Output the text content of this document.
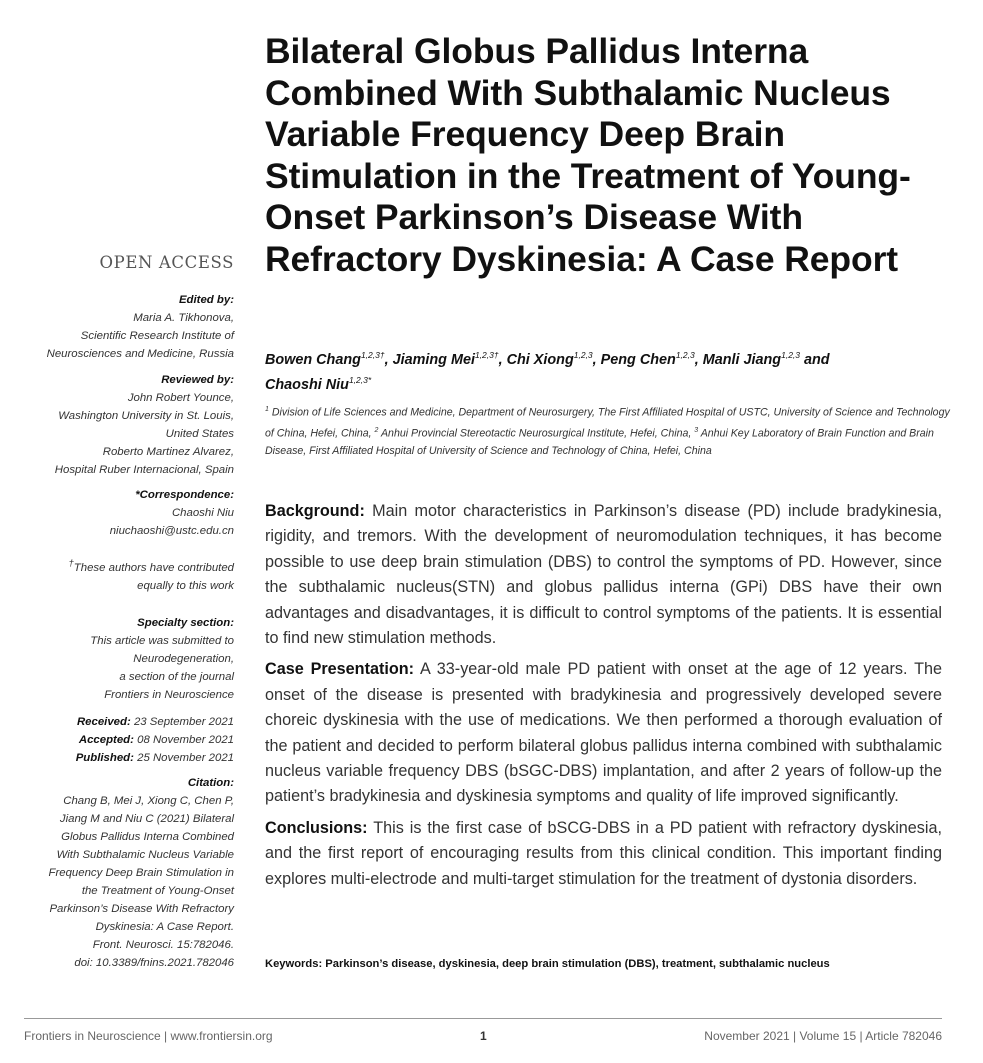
Bilateral Globus Pallidus Interna Combined With Subthalamic Nucleus Variable Frequency Deep Brain Stimulation in the Treatment of Young-Onset Parkinson’s Disease With Refractory Dyskinesia: A Case Report
OPEN ACCESS
Edited by:
Maria A. Tikhonova,
Scientific Research Institute of
Neurosciences and Medicine, Russia
Reviewed by:
John Robert Younce,
Washington University in St. Louis,
United States
Roberto Martinez Alvarez,
Hospital Ruber Internacional, Spain
*Correspondence:
Chaoshi Niu
niuchaoshi@ustc.edu.cn
†These authors have contributed
equally to this work
Specialty section:
This article was submitted to
Neurodegeneration,
a section of the journal
Frontiers in Neuroscience
Received: 23 September 2021
Accepted: 08 November 2021
Published: 25 November 2021
Citation:
Chang B, Mei J, Xiong C, Chen P,
Jiang M and Niu C (2021) Bilateral
Globus Pallidus Interna Combined
With Subthalamic Nucleus Variable
Frequency Deep Brain Stimulation in
the Treatment of Young-Onset
Parkinson’s Disease With Refractory
Dyskinesia: A Case Report.
Front. Neurosci. 15:782046.
doi: 10.3389/fnins.2021.782046
Bowen Chang$^{1,2,3\dagger}$, Jiaming Mei$^{1,2,3\dagger}$, Chi Xiong$^{1,2,3}$, Peng Chen$^{1,2,3}$, Manli Jiang$^{1,2,3}$ and
Chaoshi Niu$^{1,2,3*}$
$^1$ Division of Life Sciences and Medicine, Department of Neurosurgery, The First Affiliated Hospital of USTC, University of Science and Technology of China, Hefei, China, $^2$ Anhui Provincial Stereotactic Neurosurgical Institute, Hefei, China, $^3$ Anhui Key Laboratory of Brain Function and Brain Disease, First Affiliated Hospital of University of Science and Technology of China, Hefei, China

Background: Main motor characteristics in Parkinson’s disease (PD) include bradykinesia, rigidity, and tremors. With the development of neuromodulation techniques, it has become possible to use deep brain stimulation (DBS) to control the symptoms of PD. However, since the subthalamic nucleus(STN) and globus pallidus interna (GPi) DBS have their own advantages and disadvantages, it is difficult to control symptoms of the patients. It is essential to find new stimulation methods.

Case Presentation: A 33-year-old male PD patient with onset at the age of 12 years. The onset of the disease is presented with bradykinesia and progressively developed severe choreic dyskinesia with the use of medications. We then performed a thorough evaluation of the patient and decided to perform bilateral globus pallidus interna combined with subthalamic nucleus variable frequency DBS (bSGC-DBS) implantation, and after 2 years of follow-up the patient’s bradykinesia and dyskinesia symptoms and quality of life improved significantly.

Conclusions: This is the first case of bSCG-DBS in a PD patient with refractory dyskinesia, and the first report of encouraging results from this clinical condition. This important finding explores multi-electrode and multi-target stimulation for the treatment of dystonia disorders.

Keywords: Parkinson’s disease, dyskinesia, deep brain stimulation (DBS), treatment, subthalamic nucleus
Frontiers in Neuroscience | www.frontiersin.org	1	November 2021 | Volume 15 | Article 782046
